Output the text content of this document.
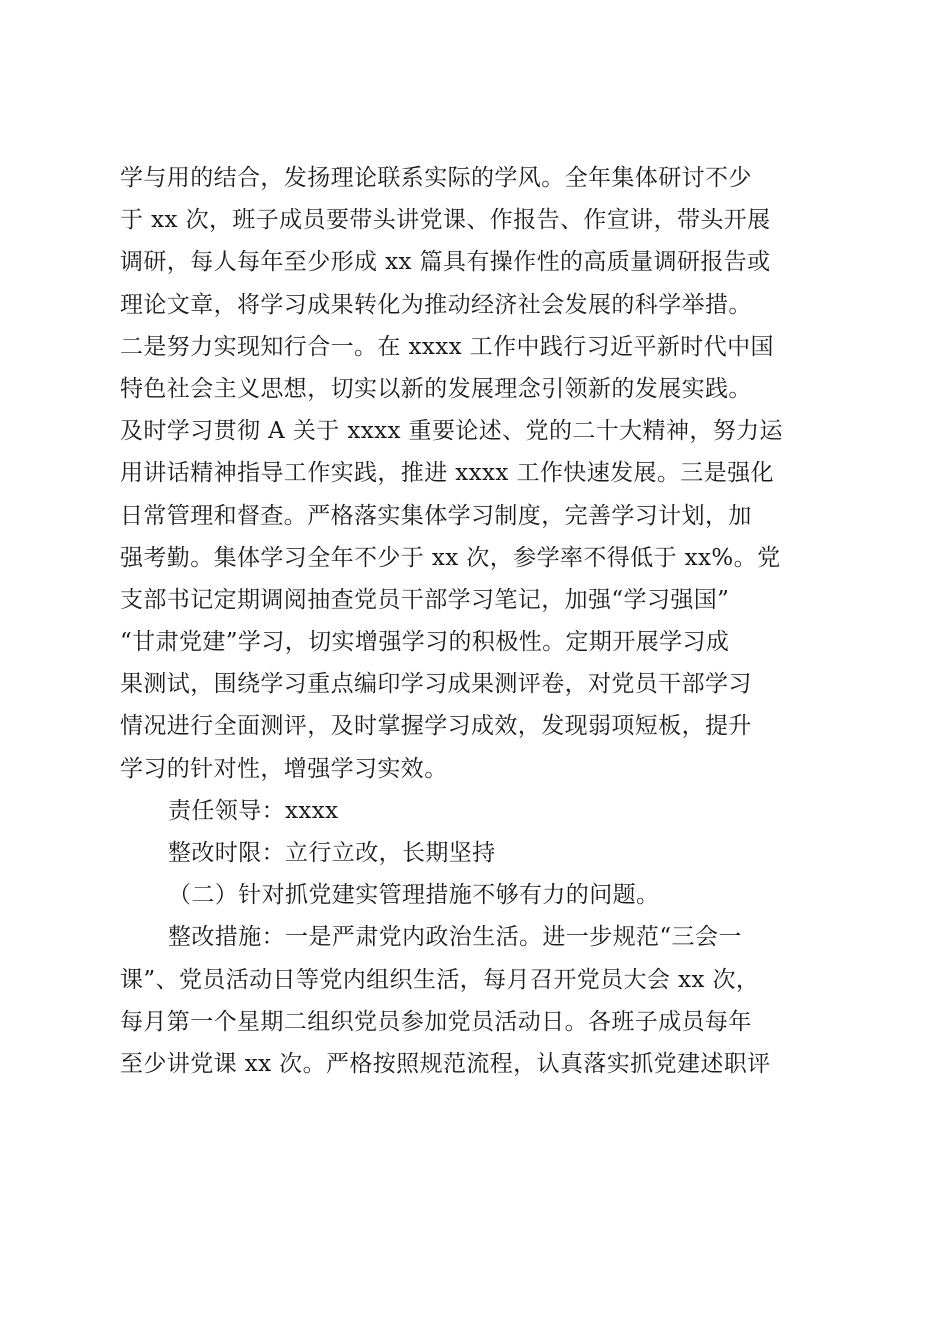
学与用的结合，发扬理论联系实际的学风。全年集体研讨不少
于 xx 次，班子成员要带头讲党课、作报告、作宣讲，带头开展
调研，每人每年至少形成 xx 篇具有操作性的高质量调研报告或
理论文章，将学习成果转化为推动经济社会发展的科学举措。
二是努力实现知行合一。在 xxxx 工作中践行习近平新时代中国
特色社会主义思想，切实以新的发展理念引领新的发展实践。
及时学习贯彻 A 关于 xxxx 重要论述、党的二十大精神，努力运
用讲话精神指导工作实践，推进 xxxx 工作快速发展。三是强化
日常管理和督查。严格落实集体学习制度，完善学习计划，加
强考勤。集体学习全年不少于 xx 次，参学率不得低于 xx%。党
支部书记定期调阅抽查党员干部学习笔记，加强“学习强国”
“甘肃党建”学习，切实增强学习的积极性。定期开展学习成
果测试，围绕学习重点编印学习成果测评卷，对党员干部学习
情况进行全面测评，及时掌握学习成效，发现弱项短板，提升
学习的针对性，增强学习实效。
责任领导：xxxx
整改时限：立行立改，长期坚持
（二）针对抓党建实管理措施不够有力的问题。
整改措施：一是严肃党内政治生活。进一步规范“三会一
课”、党员活动日等党内组织生活，每月召开党员大会 xx 次，
每月第一个星期二组织党员参加党员活动日。各班子成员每年
至少讲党课 xx 次。严格按照规范流程，认真落实抓党建述职评
